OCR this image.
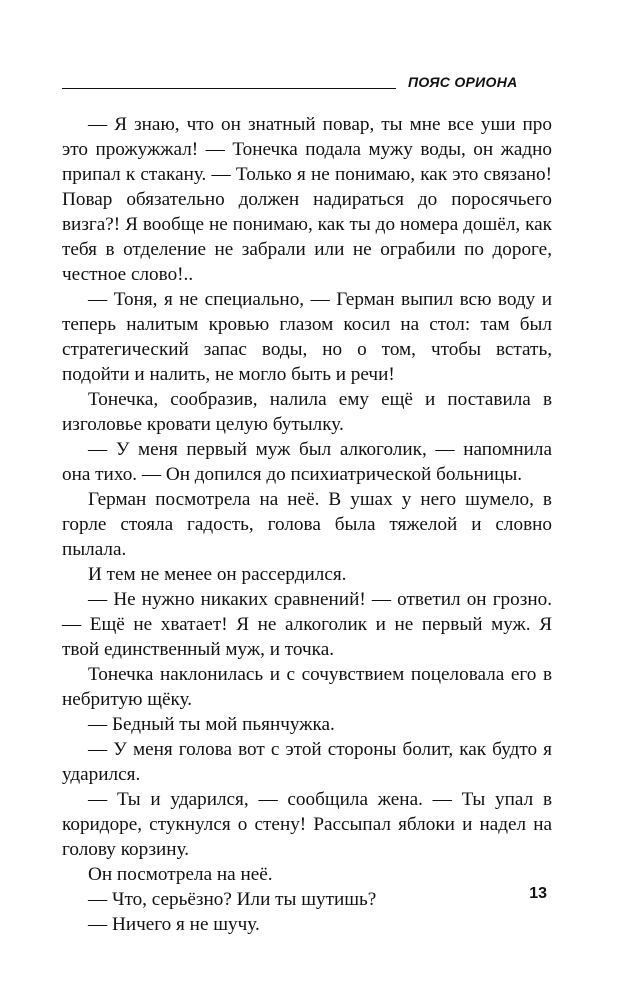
ПОЯС ОРИОНА

— Я знаю, что он знатный повар, ты мне все уши про это прожужжал! — Тонечка подала мужу воды, он жадно припал к стакану. — Только я не понимаю, как это связано! Повар обязательно должен надираться до поросячьего визга?! Я вообще не понимаю, как ты до номера дошёл, как тебя в отделение не забрали или не ограбили по дороге, честное слово!..

— Тоня, я не специально, — Герман выпил всю воду и теперь налитым кровью глазом косил на стол: там был стратегический запас воды, но о том, чтобы встать, подойти и налить, не могло быть и речи!

Тонечка, сообразив, налила ему ещё и поставила в изголовье кровати целую бутылку.

— У меня первый муж был алкоголик, — напомнила она тихо. — Он допился до психиатрической больницы.

Герман посмотрела на неё. В ушах у него шумело, в горле стояла гадость, голова была тяжелой и словно пылала.

И тем не менее он рассердился.

— Не нужно никаких сравнений! — ответил он грозно. — Ещё не хватает! Я не алкоголик и не первый муж. Я твой единственный муж, и точка.

Тонечка наклонилась и с сочувствием поцеловала его в небритую щёку.

— Бедный ты мой пьянчужка.

— У меня голова вот с этой стороны болит, как будто я ударился.

— Ты и ударился, — сообщила жена. — Ты упал в коридоре, стукнулся о стену! Рассыпал яблоки и надел на голову корзину.

Он посмотрела на неё.

— Что, серьёзно? Или ты шутишь?

— Ничего я не шучу.

13
